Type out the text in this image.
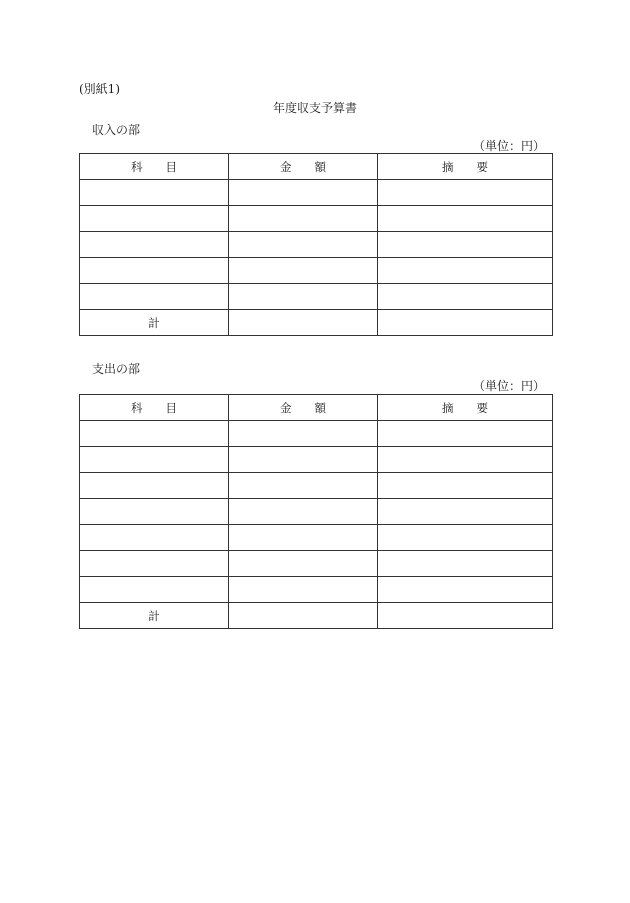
(別紙1)
年度収支予算書
収入の部
（単位：円）
科　　目	金　　額	摘　　要

計		
支出の部
（単位：円）
科　　目	金　　額	摘　　要

計		
